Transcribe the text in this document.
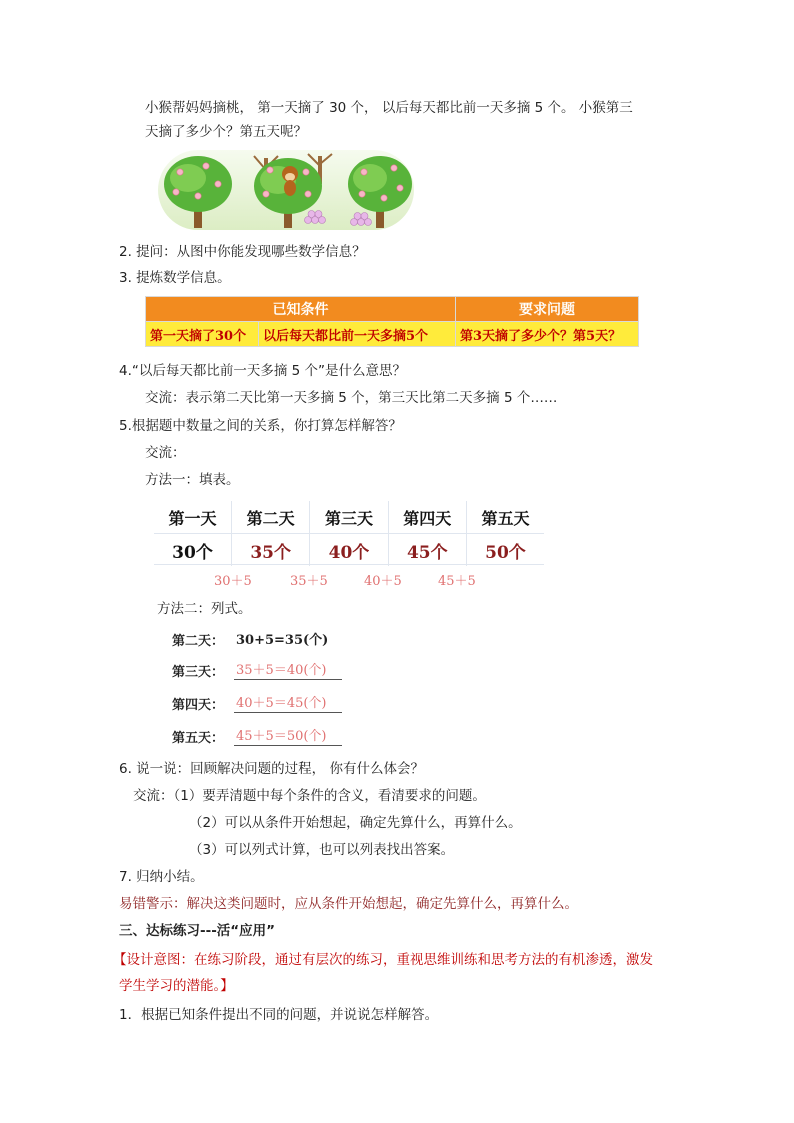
小猴帮妈妈摘桃， 第一天摘了 30 个， 以后每天都比前一天多摘 5 个。 小猴第三
天摘了多少个？第五天呢？
2. 提问：从图中你能发现哪些数学信息？
3. 提炼数学信息。
已知条件		要求问题
第一天摘了30个	以后每天都比前一天多摘5个	第3天摘了多少个？第5天？
4.“以后每天都比前一天多摘 5 个”是什么意思？
交流：表示第二天比第一天多摘 5 个，第三天比第二天多摘 5 个……
5.根据题中数量之间的关系，你打算怎样解答？
交流：
方法一：填表。
第一天	第二天	第三天	第四天	第五天
30个	35个	40个	45个	50个
30＋5	35＋5	40＋5	45＋5
方法二：列式。
第二天： 30+5=35(个)
第三天： 35＋5＝40(个)
第四天： 40＋5＝45(个)
第五天： 45＋5＝50(个)
6. 说一说：回顾解决问题的过程， 你有什么体会？
交流：（1）要弄清题中每个条件的含义，看清要求的问题。
（2）可以从条件开始想起，确定先算什么，再算什么。
（3）可以列式计算，也可以列表找出答案。
7. 归纳小结。
易错警示：解决这类问题时，应从条件开始想起，确定先算什么，再算什么。
三、达标练习---活“应用”
【设计意图：在练习阶段，通过有层次的练习，重视思维训练和思考方法的有机渗透，激发
学生学习的潜能。】
1．根据已知条件提出不同的问题，并说说怎样解答。
